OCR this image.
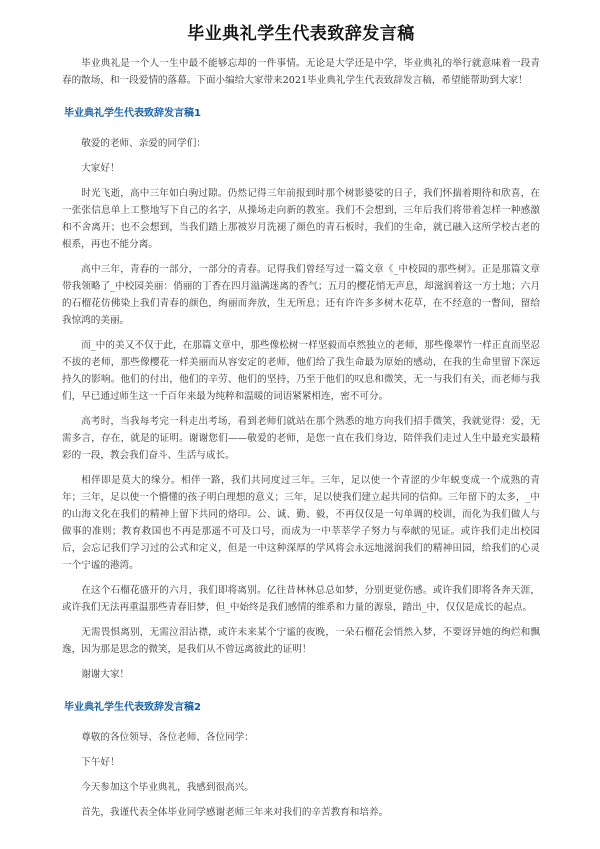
毕业典礼学生代表致辞发言稿

毕业典礼是一个人一生中最不能够忘却的一件事情。无论是大学还是中学，毕业典礼的举行就意味着一段青春的散场，和一段爱情的落幕。下面小编给大家带来2021毕业典礼学生代表致辞发言稿，希望能帮助到大家！

毕业典礼学生代表致辞发言稿1

敬爱的老师、亲爱的同学们：

大家好！

时光飞逝，高中三年如白驹过隙。仍然记得三年前报到时那个树影婆娑的日子，我们怀揣着期待和欣喜，在一张张信息单上工整地写下自己的名字，从操场走向新的教室。我们不会想到，三年后我们将带着怎样一种感激和不舍离开；也不会想到，当我们踏上那被岁月洗褪了颜色的青石板时，我们的生命，就已融入这所学校古老的根系，再也不能分离。

高中三年，青春的一部分，一部分的青春。记得我们曾经写过一篇文章《_中校园的那些树》。正是那篇文章带我领略了_中校园美丽：俏丽的丁香在四月溢满迷离的香气；五月的樱花悄无声息，却滋润着这一方土地；六月的石榴花仿佛染上我们青春的颜色，绚丽而奔放，生无所息；还有许许多多树木花草，在不经意的一瞥间，留给我惊鸿的美丽。

而_中的美又不仅于此，在那篇文章中，那些像松树一样坚毅而卓然独立的老师，那些像翠竹一样正直而坚忍不拔的老师，那些像樱花一样美丽而从容安定的老师，他们给了我生命最为原始的感动，在我的生命里留下深远持久的影响。他们的付出，他们的辛劳、他们的坚持，乃至于他们的叹息和微笑，无一与我们有关，而老师与我们，早已通过师生这一千百年来最为纯粹和温暖的词语紧紧相连，密不可分。

高考时，当我每考完一科走出考场，看到老师们就站在那个熟悉的地方向我们招手微笑，我就觉得：爱，无需多言，存在，就是的证明。谢谢您们——敬爱的老师，是您一直在我们身边，陪伴我们走过人生中最充实最精彩的一段，教会我们奋斗、生活与成长。

相伴即是莫大的缘分。相伴一路，我们共同度过三年。三年，足以使一个青涩的少年蜕变成一个成熟的青年；三年，足以使一个懵懂的孩子明白理想的意义；三年，足以使我们建立起共同的信仰。三年留下的太多，_中的山海文化在我们的精神上留下共同的烙印。公、诚、勤、毅，不再仅仅是一句单调的校训，而化为我们做人与做事的准则；教育救国也不再是那遥不可及口号，而成为一中莘莘学子努力与奉献的见证。或许我们走出校园后，会忘记我们学习过的公式和定义，但是一中这种深厚的学风将会永远地滋润我们的精神田园，给我们的心灵一个宁谧的港湾。

在这个石榴花盛开的六月，我们即将离别。亿往昔林林总总如梦，分别更觉伤感。或许我们即将各奔天涯，或许我们无法再重温那些青春旧梦，但_中始终是我们感情的维系和力量的源泉，踏出_中，仅仅是成长的起点。

无需畏惧离别，无需泣泪沾襟，或许未来某个宁谧的夜晚，一朵石榴花会悄然入梦，不要讶异她的绚烂和飘逸，因为那是思念的微笑，是我们从不曾远离彼此的证明！

谢谢大家！

毕业典礼学生代表致辞发言稿2

尊敬的各位领导、各位老师、各位同学：

下午好！

今天参加这个毕业典礼，我感到很高兴。

首先，我谨代表全体毕业同学感谢老师三年来对我们的辛苦教育和培养。
